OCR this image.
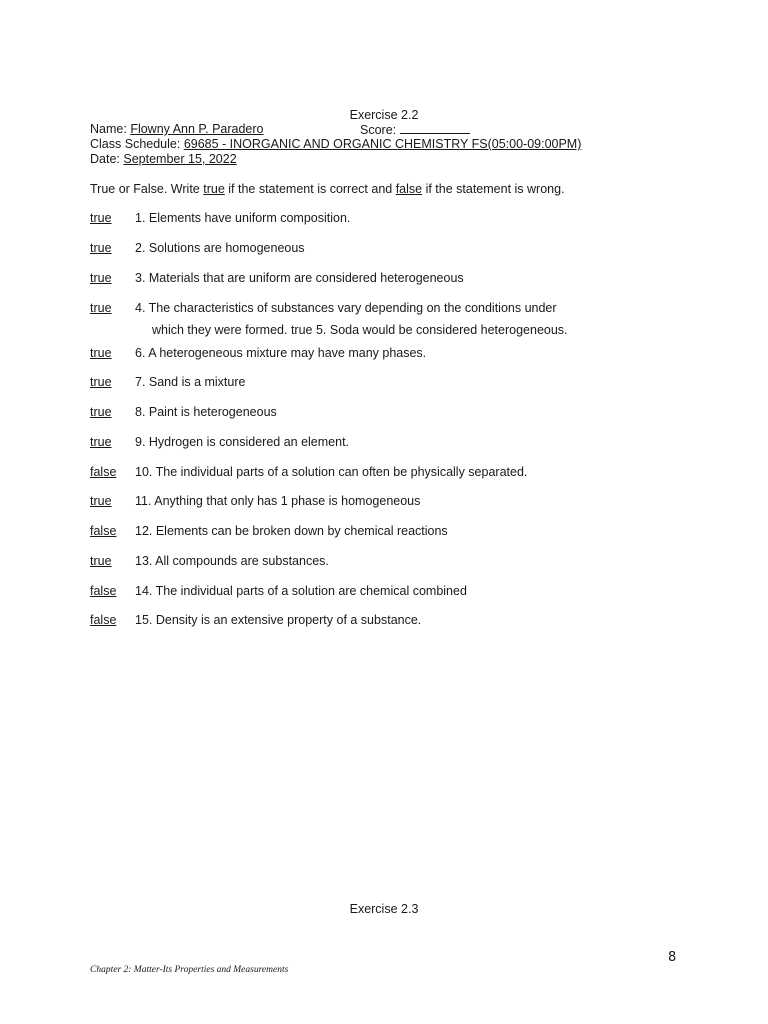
Exercise 2.2
Name: Flowny Ann P. Paradero	Score:
Class Schedule: 69685 - INORGANIC AND ORGANIC CHEMISTRY FS(05:00-09:00PM)
Date: September 15, 2022
True or False. Write true if the statement is correct and false if the statement is wrong.
true 1. Elements have uniform composition.
true 2. Solutions are homogeneous
true 3. Materials that are uniform are considered heterogeneous
true 4. The characteristics of substances vary depending on the conditions under
which they were formed. true 5. Soda would be considered heterogeneous.
true 6. A heterogeneous mixture may have many phases.
true 7. Sand is a mixture
true 8. Paint is heterogeneous
true 9. Hydrogen is considered an element.
false 10. The individual parts of a solution can often be physically separated.
true 11. Anything that only has 1 phase is homogeneous
false 12. Elements can be broken down by chemical reactions
true 13. All compounds are substances.
false 14. The individual parts of a solution are chemical combined
false 15. Density is an extensive property of a substance.
Exercise 2.3
8
Chapter 2: Matter-Its Properties and Measurements
